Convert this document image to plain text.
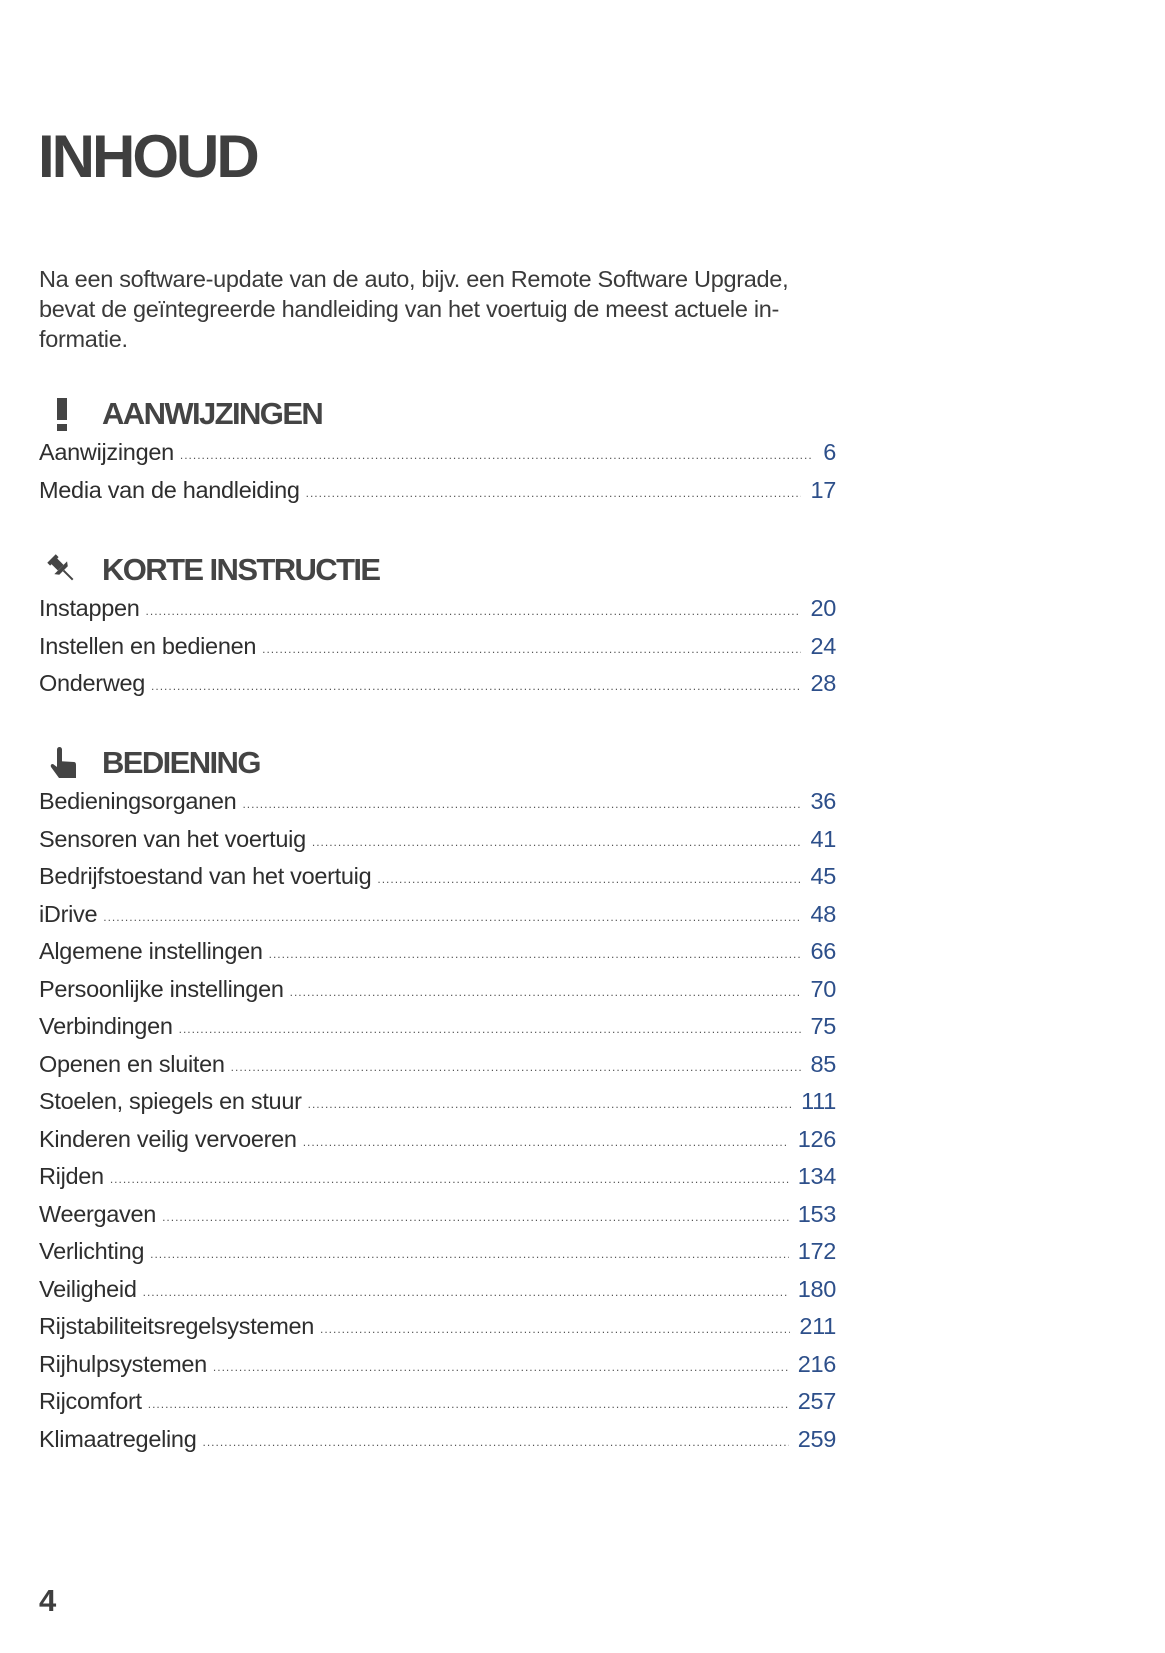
INHOUD

Na een software-update van de auto, bijv. een Remote Software Upgrade,
bevat de geïntegreerde handleiding van het voertuig de meest actuele in-
formatie.

AANWIJZINGEN
Aanwijzingen .....	6
Media van de handleiding .....	17
KORTE INSTRUCTIE
Instappen .....	20
Instellen en bedienen .....	24
Onderweg .....	28
BEDIENING
Bedieningsorganen .....	36
Sensoren van het voertuig .....	41
Bedrijfstoestand van het voertuig .....	45
iDrive .....	48
Algemene instellingen .....	66
Persoonlijke instellingen .....	70
Verbindingen .....	75
Openen en sluiten .....	85
Stoelen, spiegels en stuur .....	111
Kinderen veilig vervoeren .....	126
Rijden .....	134
Weergaven .....	153
Verlichting .....	172
Veiligheid .....	180
Rijstabiliteitsregelsystemen .....	211
Rijhulpsystemen .....	216
Rijcomfort .....	257
Klimaatregeling .....	259
4
